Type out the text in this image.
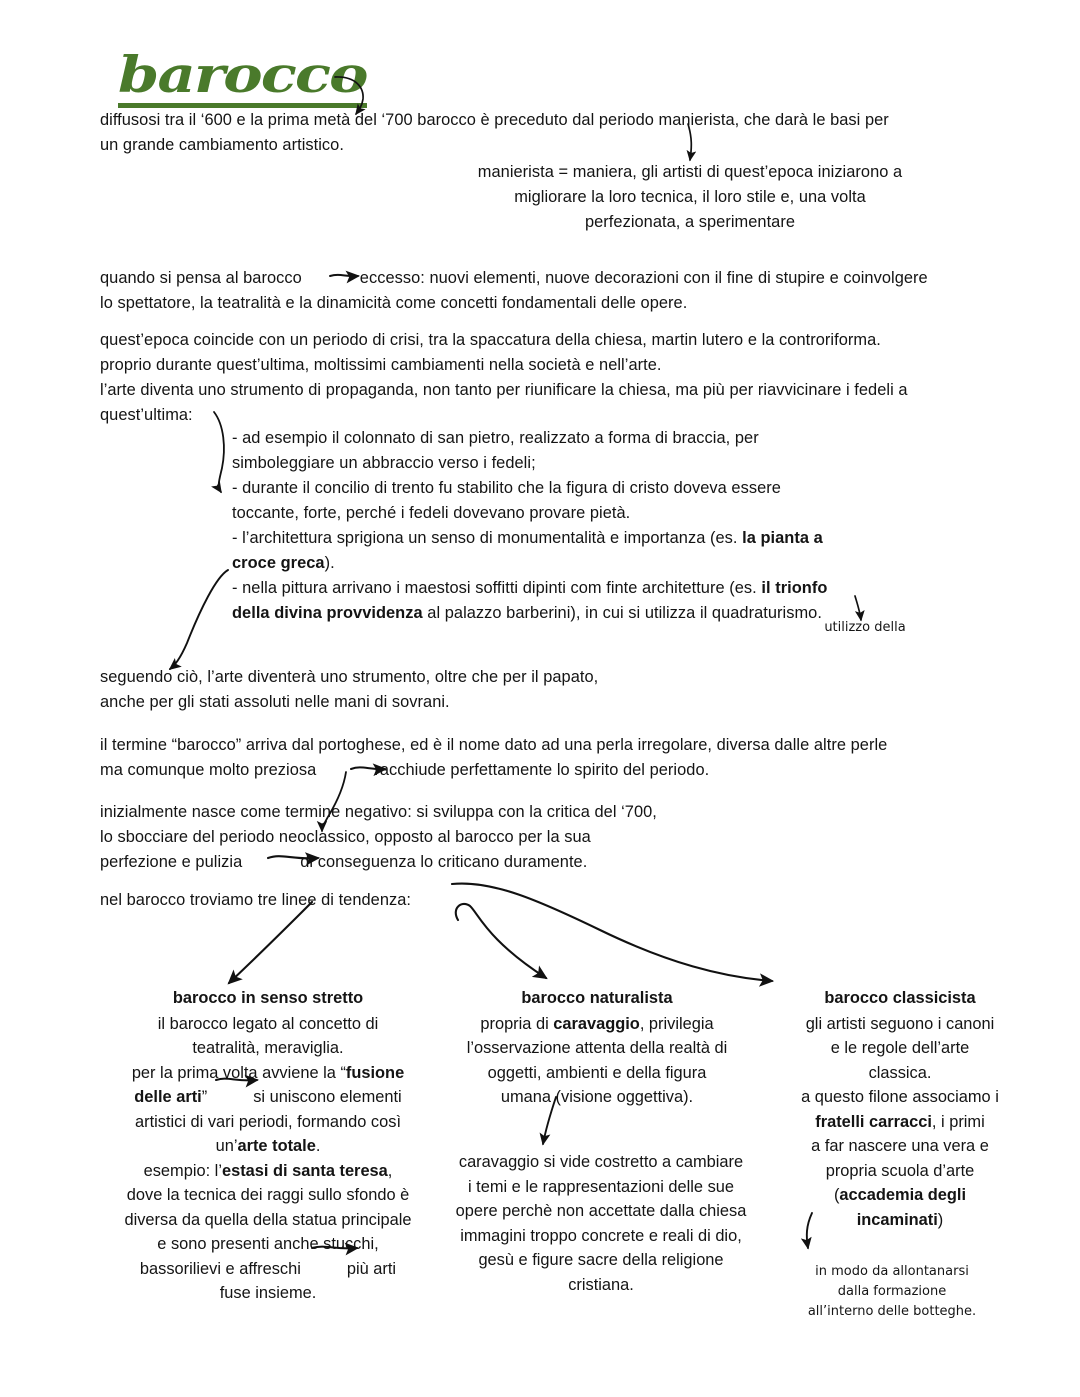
barocco
diffusosi tra il ‘600 e la prima metà del ‘700 barocco è preceduto dal periodo manierista, che darà le basi per
un grande cambiamento artistico.
manierista = maniera, gli artisti di quest’epoca iniziarono a
migliorare la loro tecnica, il loro stile e, una volta
perfezionata, a sperimentare
quando si pensa al barocco	eccesso: nuovi elementi, nuove decorazioni con il fine di stupire e coinvolgere
lo spettatore, la teatralità e la dinamicità come concetti fondamentali delle opere.
quest’epoca coincide con un periodo di crisi, tra la spaccatura della chiesa, martin lutero e la controriforma.
proprio durante quest’ultima, moltissimi cambiamenti nella società e nell’arte.
l’arte diventa uno strumento di propaganda, non tanto per riunificare la chiesa, ma più per riavvicinare i fedeli a
quest’ultima:
- ad esempio il colonnato di san pietro, realizzato a forma di braccia, per
simboleggiare un abbraccio verso i fedeli;
- durante il concilio di trento fu stabilito che la figura di cristo doveva essere
toccante, forte, perché i fedeli dovevano provare pietà.
- l’architettura sprigiona un senso di monumentalità e importanza (es. la pianta a
croce greca).
- nella pittura arrivano i maestosi soffitti dipinti com finte architetture (es. il trionfo
della divina provvidenza al palazzo barberini), in cui si utilizza il quadraturismo.
utilizzo della
seguendo ciò, l’arte diventerà uno strumento, oltre che per il papato,
anche per gli stati assoluti nelle mani di sovrani.
il termine “barocco” arriva dal portoghese, ed è il nome dato ad una perla irregolare, diversa dalle altre perle
ma comunque molto preziosa	racchiude perfettamente lo spirito del periodo.
inizialmente nasce come termine negativo: si sviluppa con la critica del ‘700,
lo sbocciare del periodo neoclassico, opposto al barocco per la sua
perfezione e pulizia	di conseguenza lo criticano duramente.
nel barocco troviamo tre linee di tendenza:
barocco in senso stretto
il barocco legato al concetto di
teatralità, meraviglia.
per la prima volta avviene la “fusione
delle arti”	si uniscono elementi
artistici di vari periodi, formando così
un’arte totale.
esempio: l’estasi di santa teresa,
dove la tecnica dei raggi sullo sfondo è
diversa da quella della statua principale
e sono presenti anche stucchi,
bassorilievi e affreschi	più arti
fuse insieme.
barocco naturalista
propria di caravaggio, privilegia
l’osservazione attenta della realtà di
oggetti, ambienti e della figura
umana (visione oggettiva).
caravaggio si vide costretto a cambiare
i temi e le rappresentazioni delle sue
opere perchè non accettate dalla chiesa
immagini troppo concrete e reali di dio,
gesù e figure sacre della religione
cristiana.
barocco classicista
gli artisti seguono i canoni
e le regole dell’arte
classica.
a questo filone associamo i
fratelli carracci, i primi
a far nascere una vera e
propria scuola d’arte
(accademia degli
incaminati)
in modo da allontanarsi
dalla formazione
all’interno delle botteghe.
